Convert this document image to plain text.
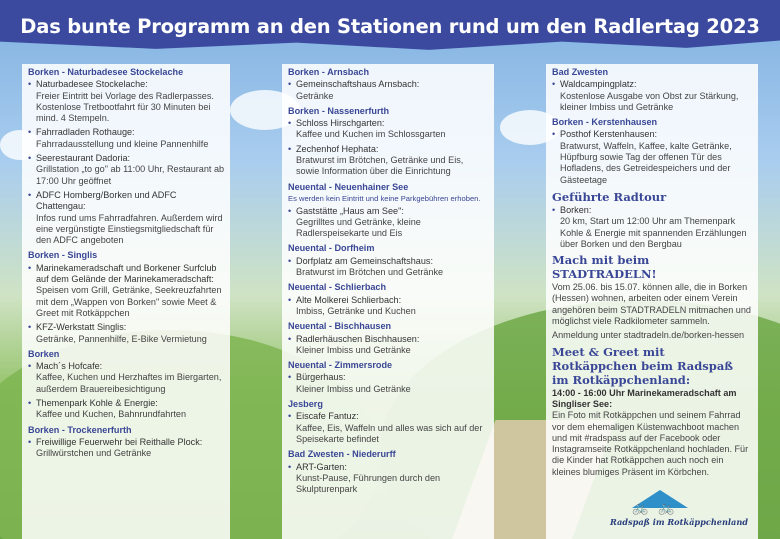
Das bunte Programm an den Stationen rund um den Radlertag 2023
Borken - Naturbadesee Stockelache
• Naturbadesee Stockelache:
Freier Eintritt bei Vorlage des Radlerpasses. Kostenlose Tretbootfahrt für 30 Minuten bei mind. 4 Stempeln.
• Fahrradladen Rothauge:
Fahrradausstellung und kleine Pannenhilfe
• Seerestaurant Dadoria:
Grillstation „to go" ab 11:00 Uhr, Restaurant ab 17:00 Uhr geöffnet
• ADFC Homberg/Borken und ADFC Chattengau:
Infos rund ums Fahrradfahren. Außerdem wird eine vergünstigte Einstiegsmitgliedschaft für den ADFC angeboten
Borken - Singlis
• Marinekameradschaft und Borkener Surfclub auf dem Gelände der Marinekameradschaft:
Speisen vom Grill, Getränke, Seekreuzfahrten mit dem „Wappen von Borken" sowie Meet & Greet mit Rotkäppchen
• KFZ-Werkstatt Singlis:
Getränke, Pannenhilfe, E-Bike Vermietung
Borken
• Mach´s Hofcafe:
Kaffee, Kuchen und Herzhaftes im Biergarten, außerdem Brauereibesichtigung
• Themenpark Kohle & Energie:
Kaffee und Kuchen, Bahnrundfahrten
Borken - Trockenerfurth
• Freiwillige Feuerwehr bei Reithalle Plock:
Grillwürstchen und Getränke
Borken - Arnsbach
• Gemeinschaftshaus Arnsbach:
Getränke
Borken - Nassenerfurth
• Schloss Hirschgarten:
Kaffee und Kuchen im Schlossgarten
• Zechenhof Hephata:
Bratwurst im Brötchen, Getränke und Eis, sowie Information über die Einrichtung
Neuental - Neuenhainer See
Es werden kein Eintritt und keine Parkgebühren erhoben.
• Gaststätte „Haus am See":
Gegrilltes und Getränke, kleine Radlerspeisekarte und Eis
Neuental - Dorfheim
• Dorfplatz am Gemeinschaftshaus:
Bratwurst im Brötchen und Getränke
Neuental - Schlierbach
• Alte Molkerei Schlierbach:
Imbiss, Getränke und Kuchen
Neuental - Bischhausen
• Radlerhäuschen Bischhausen:
Kleiner Imbiss und Getränke
Neuental - Zimmersrode
• Bürgerhaus:
Kleiner Imbiss und Getränke
Jesberg
• Eiscafe Fantuz:
Kaffee, Eis, Waffeln und alles was sich auf der Speisekarte befindet
Bad Zwesten - Niederurff
• ART-Garten:
Kunst-Pause, Führungen durch den Skulpturenpark
Bad Zwesten
• Waldcampingplatz:
Kostenlose Ausgabe von Obst zur Stärkung, kleiner Imbiss und Getränke
Borken - Kerstenhausen
• Posthof Kerstenhausen:
Bratwurst, Waffeln, Kaffee, kalte Getränke, Hüpfburg sowie Tag der offenen Tür des Hofladens, des Getreidespeichers und der Gästeetage
Geführte Radtour
• Borken:
20 km, Start um 12:00 Uhr am Themenpark Kohle & Energie mit spannenden Erzählungen über Borken und den Bergbau
Mach mit beim STADTRADELN!
Vom 25.06. bis 15.07. können alle, die in Borken (Hessen) wohnen, arbeiten oder einem Verein angehören beim STADTRADELN mitmachen und möglichst viele Radkilometer sammeln.
Anmeldung unter stadtradeln.de/borken-hessen
Meet & Greet mit Rotkäppchen beim Radspaß im Rotkäppchenland:
14:00 - 16:00 Uhr Marinekameradschaft am Singliser See:
Ein Foto mit Rotkäppchen und seinem Fahrrad vor dem ehemaligen Küstenwachboot machen und mit #radspass auf der Facebook oder Instagramseite Rotkäppchenland hochladen. Für die Kinder hat Rotkäppchen auch noch ein kleines blumiges Präsent im Körbchen.
🚲 🚲
Radspaß im Rotkäppchenland
